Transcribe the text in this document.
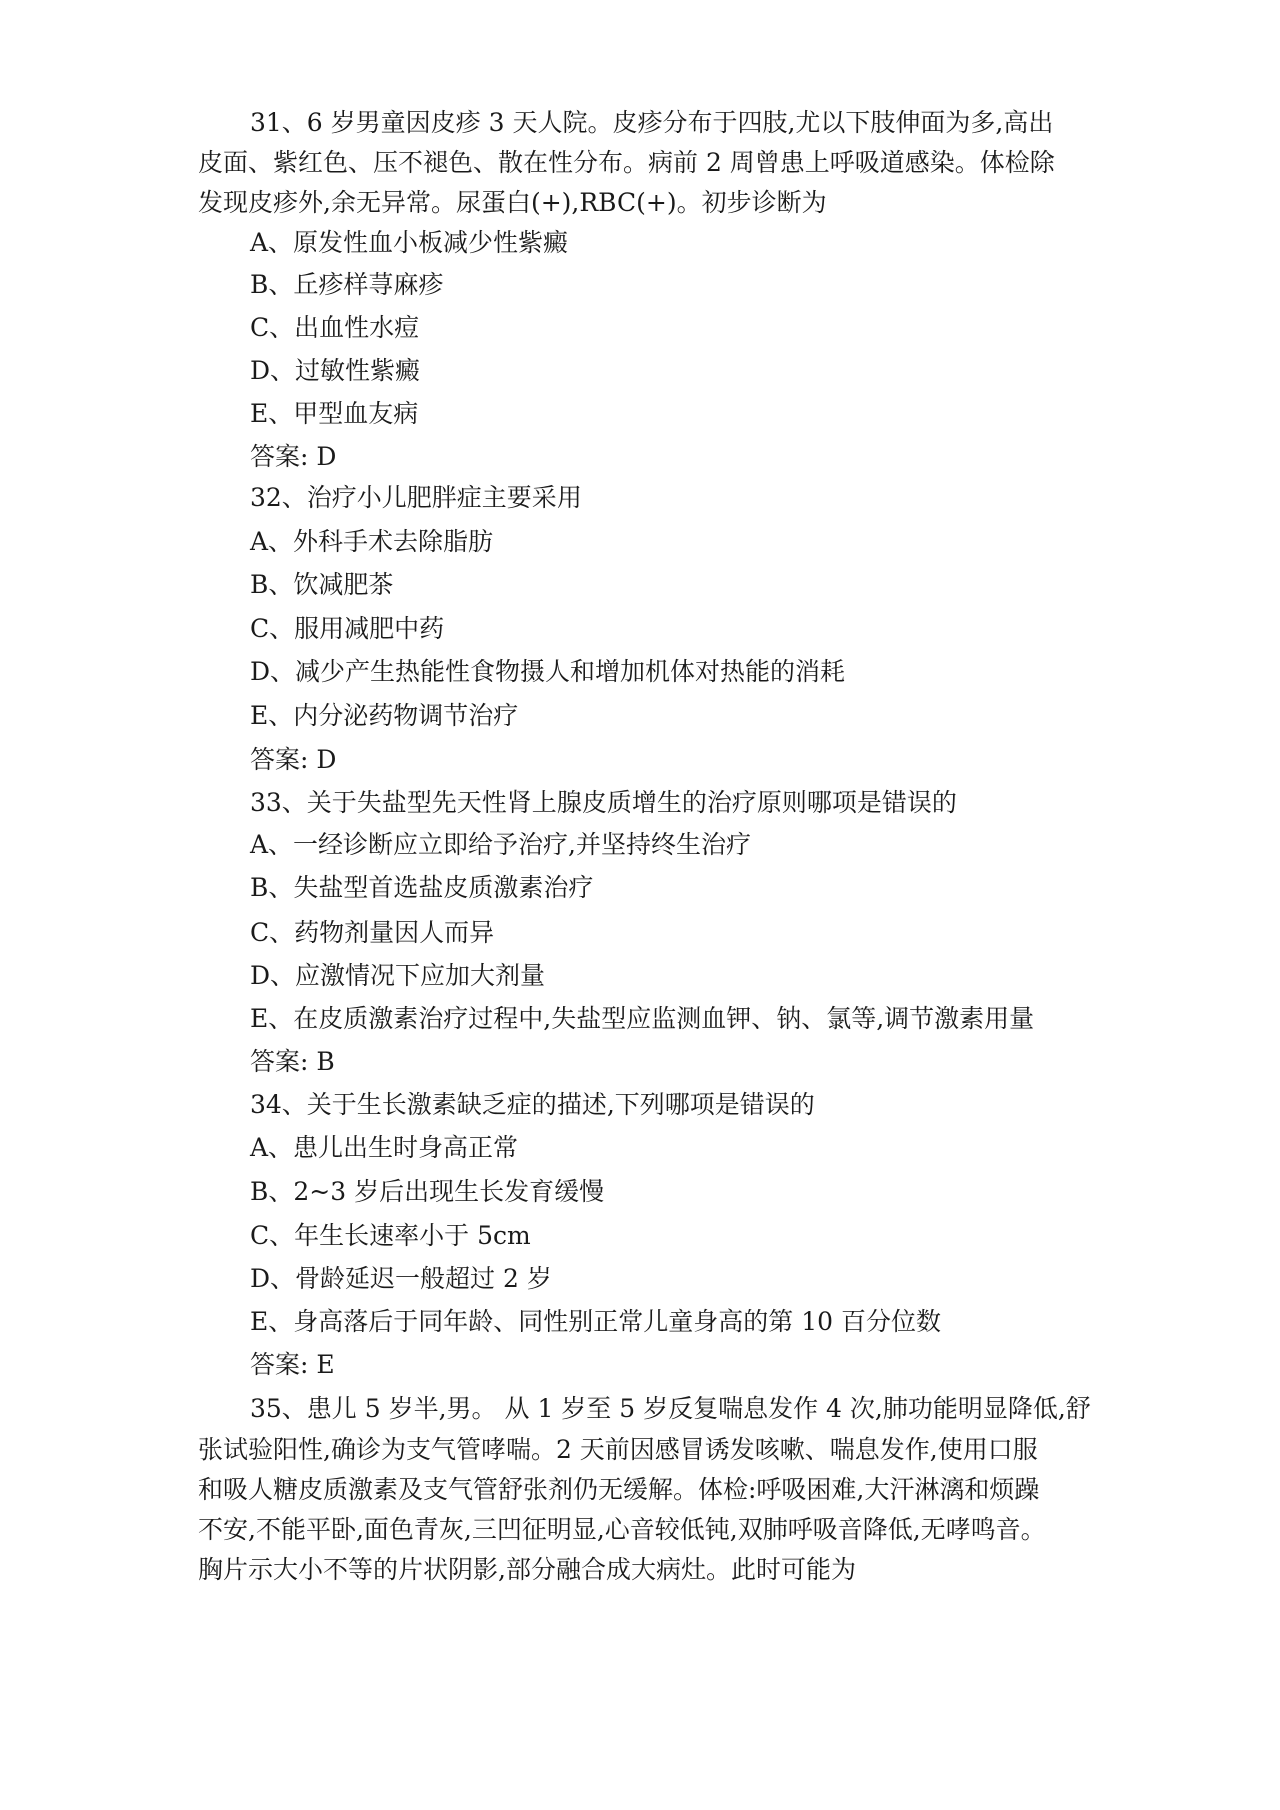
31、6 岁男童因皮疹 3 天人院。皮疹分布于四肢,尤以下肢伸面为多,高出
皮面、紫红色、压不褪色、散在性分布。病前 2 周曾患上呼吸道感染。体检除
发现皮疹外,余无异常。尿蛋白(+),RBC(+)。初步诊断为
A、原发性血小板减少性紫癜
B、丘疹样荨麻疹
C、出血性水痘
D、过敏性紫癜
E、甲型血友病
答案: D
32、治疗小儿肥胖症主要采用
A、外科手术去除脂肪
B、饮减肥茶
C、服用减肥中药
D、减少产生热能性食物摄人和增加机体对热能的消耗
E、内分泌药物调节治疗
答案: D
33、关于失盐型先天性肾上腺皮质增生的治疗原则哪项是错误的
A、一经诊断应立即给予治疗,并坚持终生治疗
B、失盐型首选盐皮质激素治疗
C、药物剂量因人而异
D、应激情况下应加大剂量
E、在皮质激素治疗过程中,失盐型应监测血钾、钠、氯等,调节激素用量
答案: B
34、关于生长激素缺乏症的描述,下列哪项是错误的
A、患儿出生时身高正常
B、2~3 岁后出现生长发育缓慢
C、年生长速率小于 5cm
D、骨龄延迟一般超过 2 岁
E、身高落后于同年龄、同性别正常儿童身高的第 10 百分位数
答案: E
35、患儿 5 岁半,男。 从 1 岁至 5 岁反复喘息发作 4 次,肺功能明显降低,舒
张试验阳性,确诊为支气管哮喘。2 天前因感冒诱发咳嗽、喘息发作,使用口服
和吸人糖皮质激素及支气管舒张剂仍无缓解。体检:呼吸困难,大汗淋漓和烦躁
不安,不能平卧,面色青灰,三凹征明显,心音较低钝,双肺呼吸音降低,无哮鸣音。
胸片示大小不等的片状阴影,部分融合成大病灶。此时可能为
